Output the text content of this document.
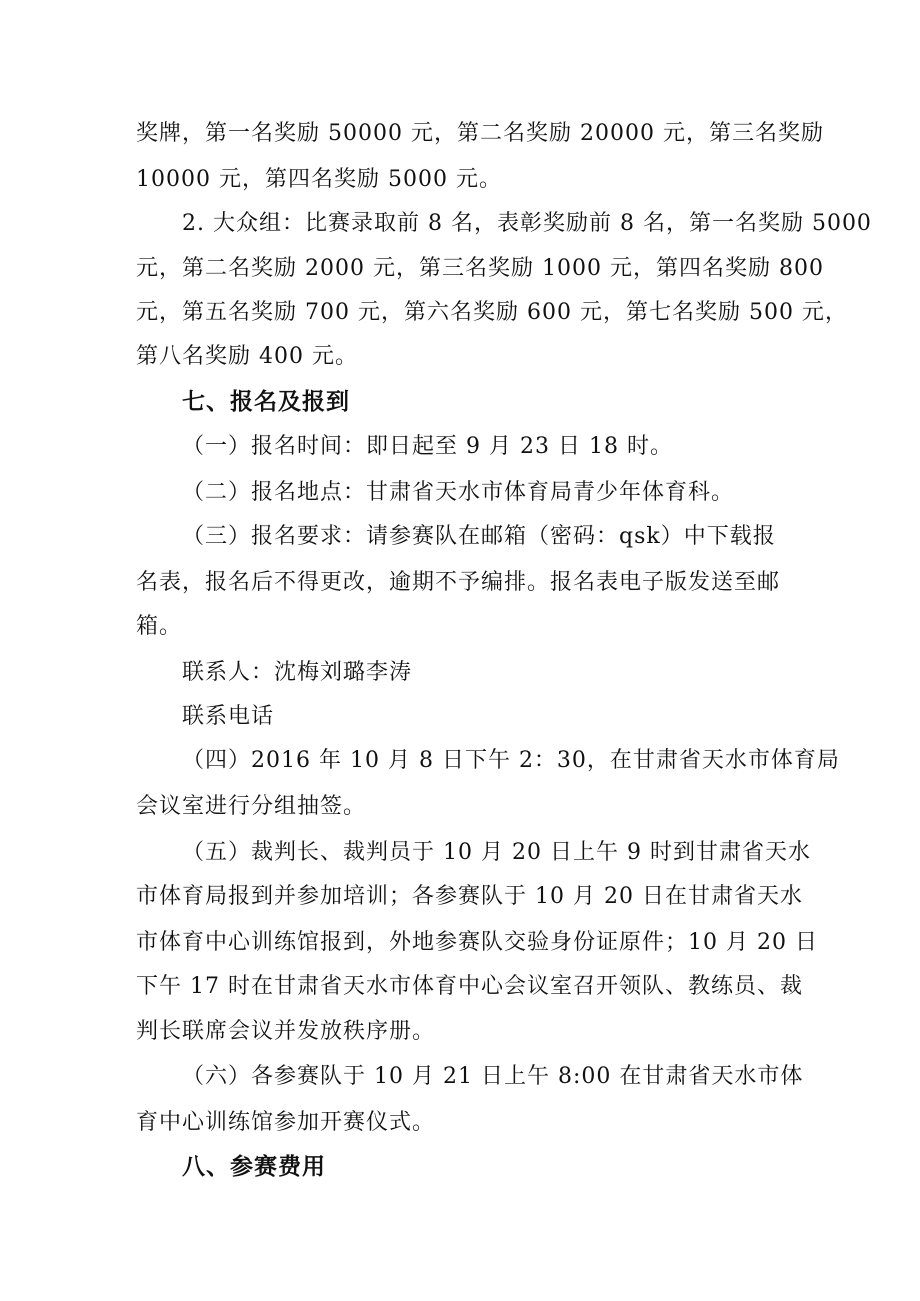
奖牌，第一名奖励 50000 元，第二名奖励 20000 元，第三名奖励
10000 元，第四名奖励 5000 元。
2. 大众组：比赛录取前 8 名，表彰奖励前 8 名，第一名奖励 5000
元，第二名奖励 2000 元，第三名奖励 1000 元，第四名奖励 800
元，第五名奖励 700 元，第六名奖励 600 元，第七名奖励 500 元，
第八名奖励 400 元。
七、报名及报到
（一）报名时间：即日起至 9 月 23 日 18 时。
（二）报名地点：甘肃省天水市体育局青少年体育科。
（三）报名要求：请参赛队在邮箱（密码：qsk）中下载报
名表，报名后不得更改，逾期不予编排。报名表电子版发送至邮
箱。
联系人：沈梅刘璐李涛
联系电话
（四）2016 年 10 月 8 日下午 2：30，在甘肃省天水市体育局
会议室进行分组抽签。
（五）裁判长、裁判员于 10 月 20 日上午 9 时到甘肃省天水
市体育局报到并参加培训；各参赛队于 10 月 20 日在甘肃省天水
市体育中心训练馆报到，外地参赛队交验身份证原件；10 月 20 日
下午 17 时在甘肃省天水市体育中心会议室召开领队、教练员、裁
判长联席会议并发放秩序册。
（六）各参赛队于 10 月 21 日上午 8:00 在甘肃省天水市体
育中心训练馆参加开赛仪式。
八、参赛费用
